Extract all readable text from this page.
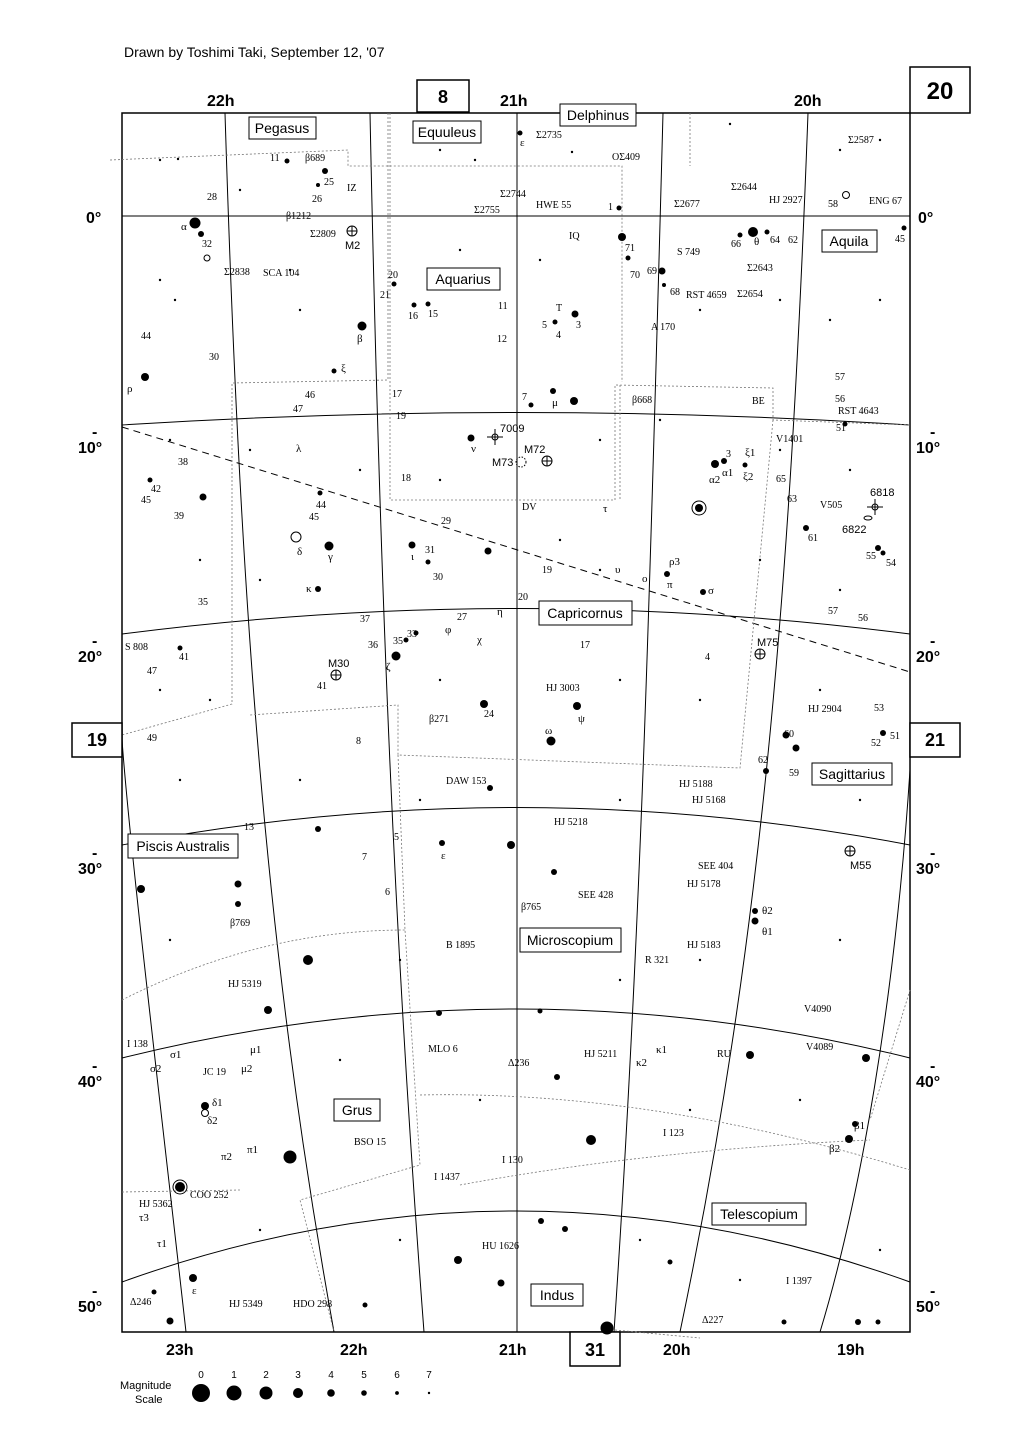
Drawn by Toshimi Taki, September 12, '07
22h	21h	20h
23h	22h	21h	20h	19h
0°
-10°
-20°
-30°
-40°
-50°
0°
-10°
-20°
-30°
-40°
-50°
8	20
19	21
31
Pegasus	Equuleus
Delphinus
Aquila
Aquarius
Capricornus
Sagittarius
Piscis Australis
Microscopium
Grus
Telescopium
Indus
M2
M72
M73
7009
M75
M30
M55
6818
6822
ε
α
β
θ
ν
μ
δ γ	ι
κ
λ
ξ
ρ
σ
τ
υ
ζ
η
ψ
ω
φ
χ
π
ο
θ1
θ2
ξ1
ξ2
α1
α2
ρ3
μ1
μ2
σ1
σ2
δ1
δ2
π1
π2
β1
β2
κ1
κ2
τ1
τ3
ε
ε
11
25
26
28
32
58
66	64 62	45
20
21
16 15
11
12
5	3
4
1
71
70 69
68
44
30
57
56
51
46
47
17
19
7
38
42
45
39
44
45
18
3
65
63
61
55
54
29
31
30
19
20
35
37	27
36 35
33
17
4
57
56
41
47
41
24
8
49
53
52
51
60
62
59
13
7
6
5
β689
IZ
Σ2735
ΟΣ409
Σ2587
Σ2744
Σ2755	HWE 55	Σ2677
Σ2644
HJ 2927	ENG 67
β1212
Σ2809	IQ
S 749
Σ2838 SCA 104	Σ2643
RST 4659 Σ2654
T
A 170
β668	BE
RST 4643
V1401
V505
DV
S 808
HJ 3003
β271
HJ 2904
DAW 153	HJ 5188
HJ 5168
HJ 5218
SEE 404
HJ 5178
SEE 428
β765
β769
B 1895	HJ 5183
R 321
HJ 5319
V4090
I 138
JC 19
MLO 6
Δ236
HJ 5211	RU
V4089
I 123
BSO 15
COO 252
HJ 5362
I 130
I 1437
HU 1626
I 1397
Δ246	HJ 5349	HDO 298
Δ227
Magnitude
Scale
0	1	2	3	4	5	6	7
